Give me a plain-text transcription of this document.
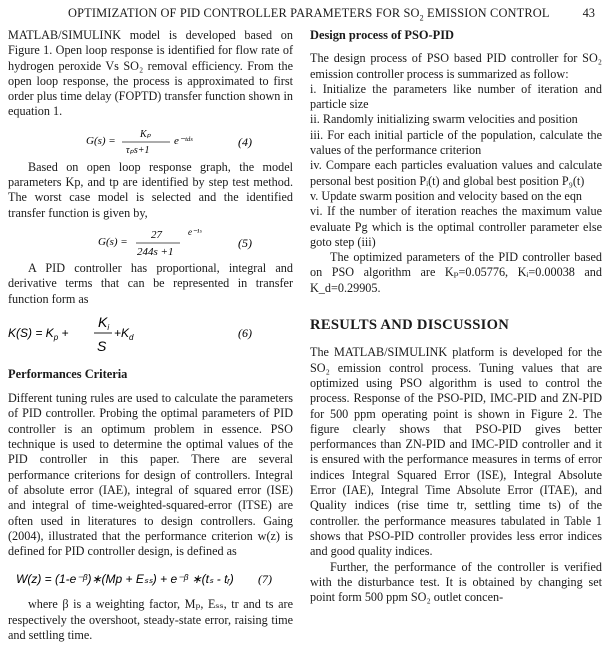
OPTIMIZATION OF PID CONTROLLER PARAMETERS FOR $SO_2$ EMISSION CONTROL	43

MATLAB/SIMULINK model is developed based on Figure 1. Open loop response is identified for flow rate of hydrogen peroxide Vs SO₂ removal efficiency. From the open loop response, the process is approximated to first order plus time delay (FOPTD) transfer function shown in equation 1.

G(s) =
Kₚ
τₚs+1
e⁻ᵗᵈˢ	(4)

Based on open loop response graph, the model parameters Kp, and tp are identified by step test method. The worst case model is selected and the identified transfer function is given by,

G(s) =
27
244s +1
e⁻¹ˢ
(5)

A PID controller has proportional, integral and derivative terms that can be represented in transfer function form as

$K(S) = K_p$ +
$K_i$
S
$+K_d$	(6)
Performances Criteria

Different tuning rules are used to calculate the parameters of PID controller. Probing the optimal parameters of PID controller is an optimum problem in essence. PSO technique is used to determine the optimal values of the PID controller in this paper. There are several performance criterions for design of controllers. Integral of absolute error (IAE), integral of squared error (ISE) and integral of time-weighted-squared-error (ITSE) are often used in literatures to design controllers. Gaing (2004), illustrated that the performance criterion w(z) is defined for PID controller design, is defined as

W(z) = (1-e⁻ᵝ)∗(Mp + Eₛₛ) + e⁻ᵝ ∗(tₛ - tᵣ) (7)

where β is a weighting factor, Mₚ, Eₛₛ, tr and ts are respectively the overshoot, steady-state error, raising time and settling time.

Design process of PSO-PID

The design process of PSO based PID controller for SO₂ emission controller process is summarized as follow:

i. Initialize the parameters like number of iteration and particle size

ii. Randomly initializing swarm velocities and position

iii. For each initial particle of the population, calculate the values of the performance criterion

iv. Compare each particles evaluation values and calculate personal best position Pᵢ(t) and global best position P₉(t)

v. Update swarm position and velocity based on the eqn

vi. If the number of iteration reaches the maximum value evaluate Pg which is the optimal controller parameter else goto step (iii)

The optimized parameters of the PID controller based on PSO algorithm are Kₚ=0.05776, Kᵢ=0.00038 and K_d=0.29905.

RESULTS AND DISCUSSION

The MATLAB/SIMULINK platform is developed for the SO₂ emission control process. Tuning values that are optimized using PSO algorithm is used to control the process. Response of the PSO-PID, IMC-PID and ZN-PID for 500 ppm operating point is shown in Figure 2. The figure clearly shows that PSO-PID gives better performances than ZN-PID and IMC-PID controller and it is ensured with the performance measures in terms of error indices Integral Squared Error (ISE), Integral Absolute Error (IAE), Integral Time Absolute Error (ITAE), and Quality indices (rise time tr, settling time ts) of the controller. the performance measures tabulated in Table 1 shows that PSO-PID controller provides less error indices and good quality indices.

Further, the performance of the controller is verified with the disturbance test. It is obtained by changing set point form 500 ppm SO₂ outlet concen-
